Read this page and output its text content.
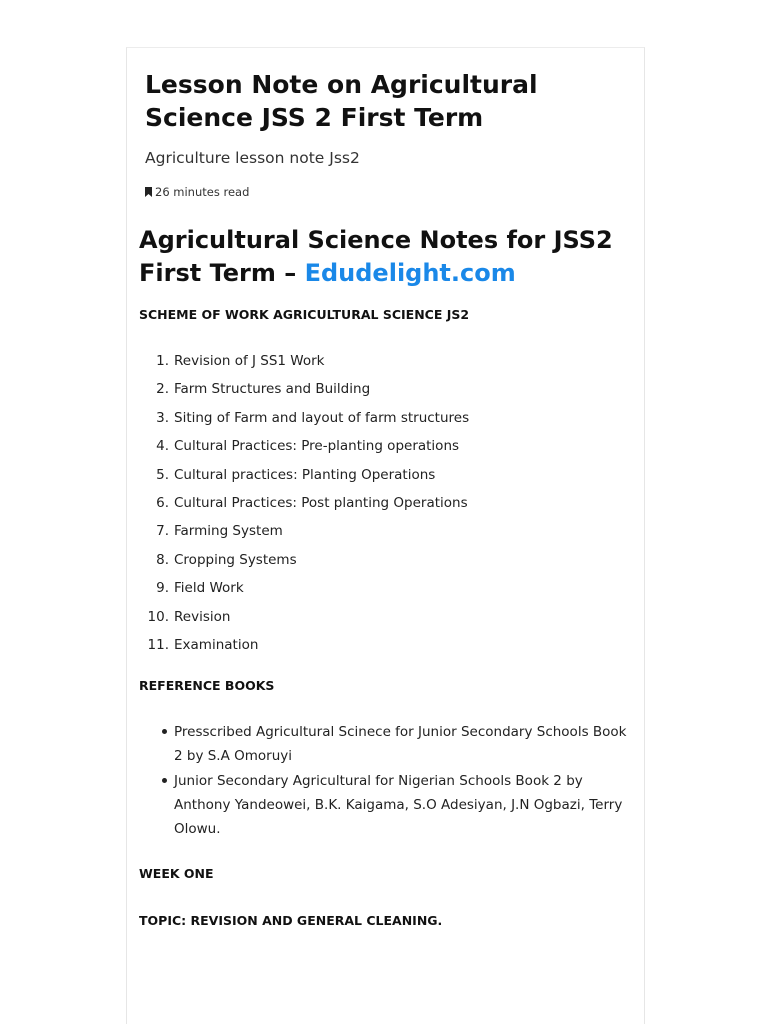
Lesson Note on Agricultural Science JSS 2 First Term
Agriculture lesson note Jss2
26 minutes read
Agricultural Science Notes for JSS2 First Term – Edudelight.com

SCHEME OF WORK AGRICULTURAL SCIENCE JS2

1. Revision of J SS1 Work
2. Farm Structures and Building
3. Siting of Farm and layout of farm structures
4. Cultural Practices: Pre-planting operations
5. Cultural practices: Planting Operations
6. Cultural Practices: Post planting Operations
7. Farming System
8. Cropping Systems
9. Field Work
10. Revision
11. Examination

REFERENCE BOOKS

Presscribed Agricultural Scinece for Junior Secondary Schools Book 2 by S.A Omoruyi
Junior Secondary Agricultural for Nigerian Schools Book 2 by Anthony Yandeowei, B.K. Kaigama, S.O Adesiyan, J.N Ogbazi, Terry Olowu.

WEEK ONE

TOPIC: REVISION AND GENERAL CLEANING.
